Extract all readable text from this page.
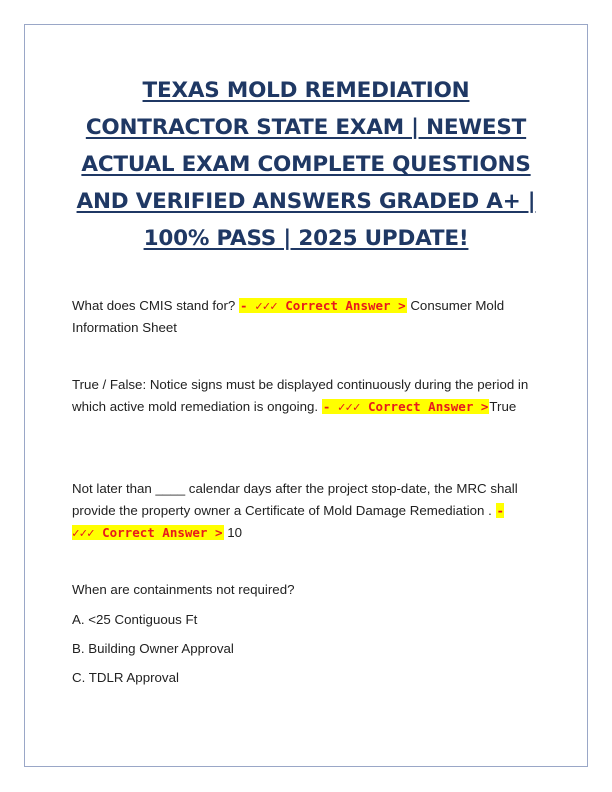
TEXAS MOLD REMEDIATION CONTRACTOR STATE EXAM | NEWEST ACTUAL EXAM COMPLETE QUESTIONS AND VERIFIED ANSWERS GRADED A+ | 100% PASS | 2025 UPDATE!

What does CMIS stand for? - ✓✓✓ Correct Answer > Consumer Mold Information Sheet

True / False: Notice signs must be displayed continuously during the period in which active mold remediation is ongoing. - ✓✓✓ Correct Answer >True

Not later than ____ calendar days after the project stop-date, the MRC shall provide the property owner a Certificate of Mold Damage Remediation . - ✓✓✓ Correct Answer > 10

When are containments not required?

A. <25 Contiguous Ft

B. Building Owner Approval

C. TDLR Approval
